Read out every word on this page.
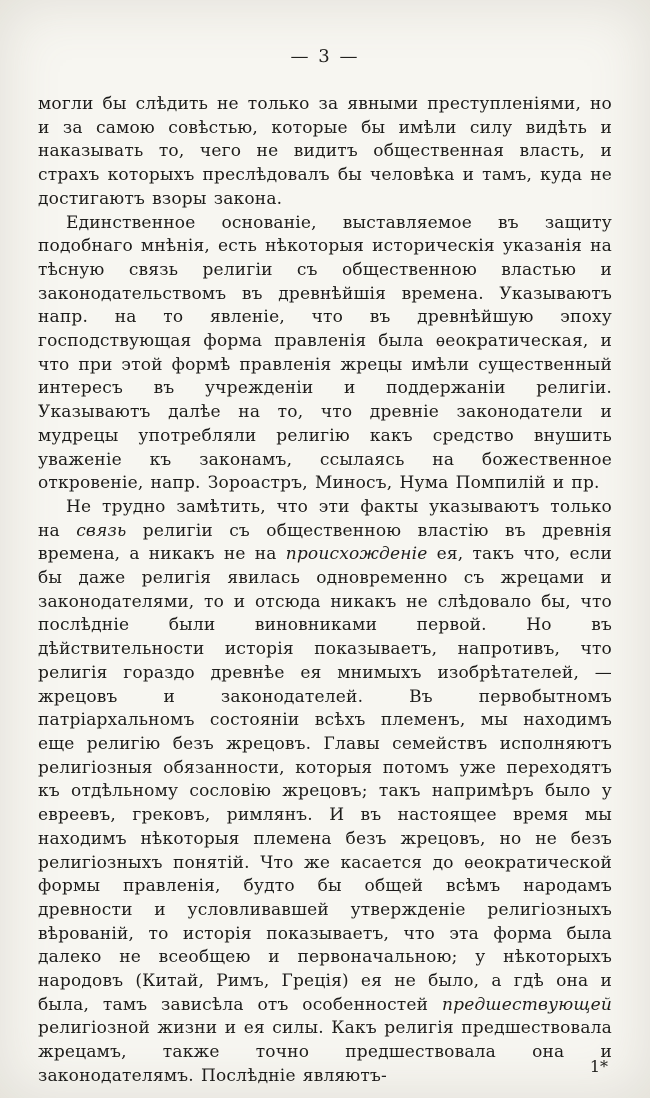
— 3 —

могли бы слѣдить не только за явными преступленіями, но и за самою совѣстью, которые бы имѣли силу видѣть и наказывать то, чего не видитъ общественная власть, и страхъ которыхъ преслѣдовалъ бы человѣка и тамъ, куда не достигаютъ взоры закона.

Единственное основаніе, выставляемое въ защиту подобнаго мнѣнія, есть нѣкоторыя историческія указанія на тѣсную связь религіи съ общественною властью и законодательствомъ въ древнѣйшія времена. Указываютъ напр. на то явленіе, что въ древнѣйшую эпоху господствующая форма правленія была ѳеократическая, и что при этой формѣ правленія жрецы имѣли существенный интересъ въ учрежденіи и поддержаніи религіи. Указываютъ далѣе на то, что древніе законодатели и мудрецы употребляли религію какъ средство внушить уваженіе къ законамъ, ссылаясь на божественное откровеніе, напр. Зороастръ, Миносъ, Нума Помпилій и пр.

Не трудно замѣтить, что эти факты указываютъ только на связь религіи съ общественною властію въ древнія времена, а никакъ не на происхожденіе ея, такъ что, если бы даже религія явилась одновременно съ жрецами и законодателями, то и отсюда никакъ не слѣдовало бы, что послѣдніе были виновниками первой. Но въ дѣйствительности исторія показываетъ, напротивъ, что религія гораздо древнѣе ея мнимыхъ изобрѣтателей, — жрецовъ и законодателей. Въ первобытномъ патріархальномъ состояніи всѣхъ племенъ, мы находимъ еще религію безъ жрецовъ. Главы семействъ исполняютъ религіозныя обязанности, которыя потомъ уже переходятъ къ отдѣльному сословію жрецовъ; такъ напримѣръ было у евреевъ, грековъ, римлянъ. И въ настоящее время мы находимъ нѣкоторыя племена безъ жрецовъ, но не безъ религіозныхъ понятій. Что же касается до ѳеократической формы правленія, будто бы общей всѣмъ народамъ древности и условливавшей утвержденіе религіозныхъ вѣрованій, то исторія показываетъ, что эта форма была далеко не всеобщею и первоначальною; у нѣкоторыхъ народовъ (Китай, Римъ, Греція) ея не было, а гдѣ она и была, тамъ зависѣла отъ особенностей предшествующей религіозной жизни и ея силы. Какъ религія предшествовала жрецамъ, также точно предшествовала она и законодателямъ. Послѣдніе являютъ-	1*
